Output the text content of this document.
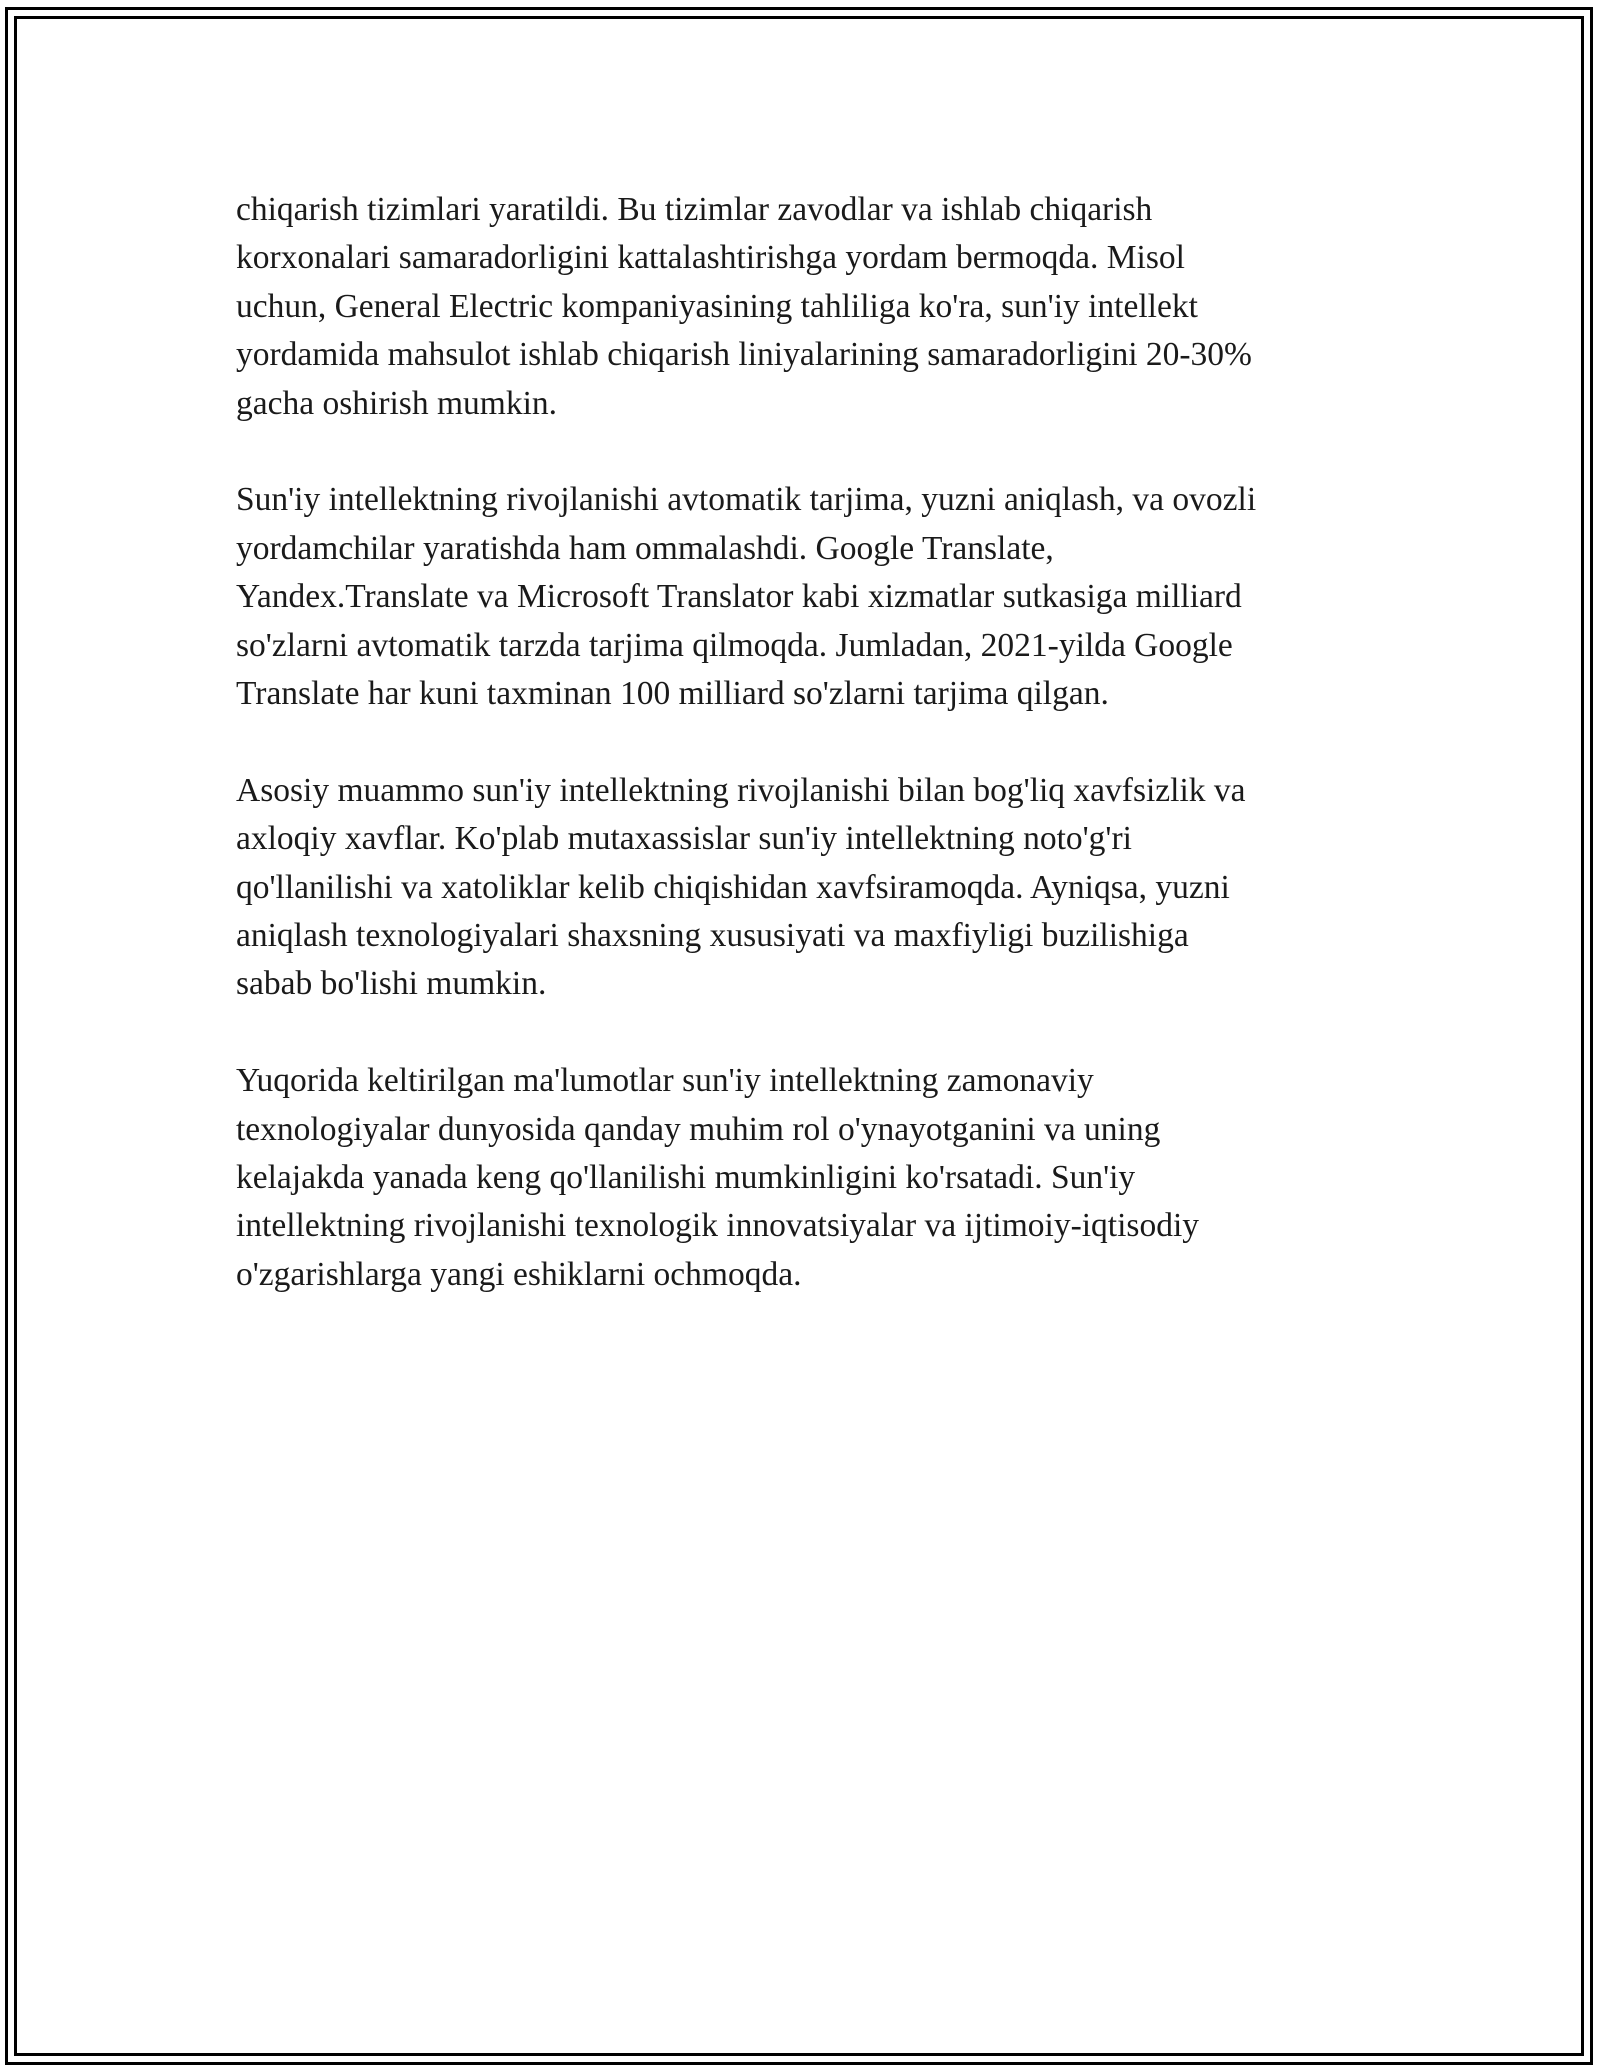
chiqarish tizimlari yaratildi. Bu tizimlar zavodlar va ishlab chiqarish
korxonalari samaradorligini kattalashtirishga yordam bermoqda. Misol
uchun, General Electric kompaniyasining tahliliga ko'ra, sun'iy intellekt
yordamida mahsulot ishlab chiqarish liniyalarining samaradorligini 20-30%
gacha oshirish mumkin.

Sun'iy intellektning rivojlanishi avtomatik tarjima, yuzni aniqlash, va ovozli
yordamchilar yaratishda ham ommalashdi. Google Translate,
Yandex.Translate va Microsoft Translator kabi xizmatlar sutkasiga milliard
so'zlarni avtomatik tarzda tarjima qilmoqda. Jumladan, 2021-yilda Google
Translate har kuni taxminan 100 milliard so'zlarni tarjima qilgan.

Asosiy muammo sun'iy intellektning rivojlanishi bilan bog'liq xavfsizlik va
axloqiy xavflar. Ko'plab mutaxassislar sun'iy intellektning noto'g'ri
qo'llanilishi va xatoliklar kelib chiqishidan xavfsiramoqda. Ayniqsa, yuzni
aniqlash texnologiyalari shaxsning xususiyati va maxfiyligi buzilishiga
sabab bo'lishi mumkin.

Yuqorida keltirilgan ma'lumotlar sun'iy intellektning zamonaviy
texnologiyalar dunyosida qanday muhim rol o'ynayotganini va uning
kelajakda yanada keng qo'llanilishi mumkinligini ko'rsatadi. Sun'iy
intellektning rivojlanishi texnologik innovatsiyalar va ijtimoiy-iqtisodiy
o'zgarishlarga yangi eshiklarni ochmoqda.
